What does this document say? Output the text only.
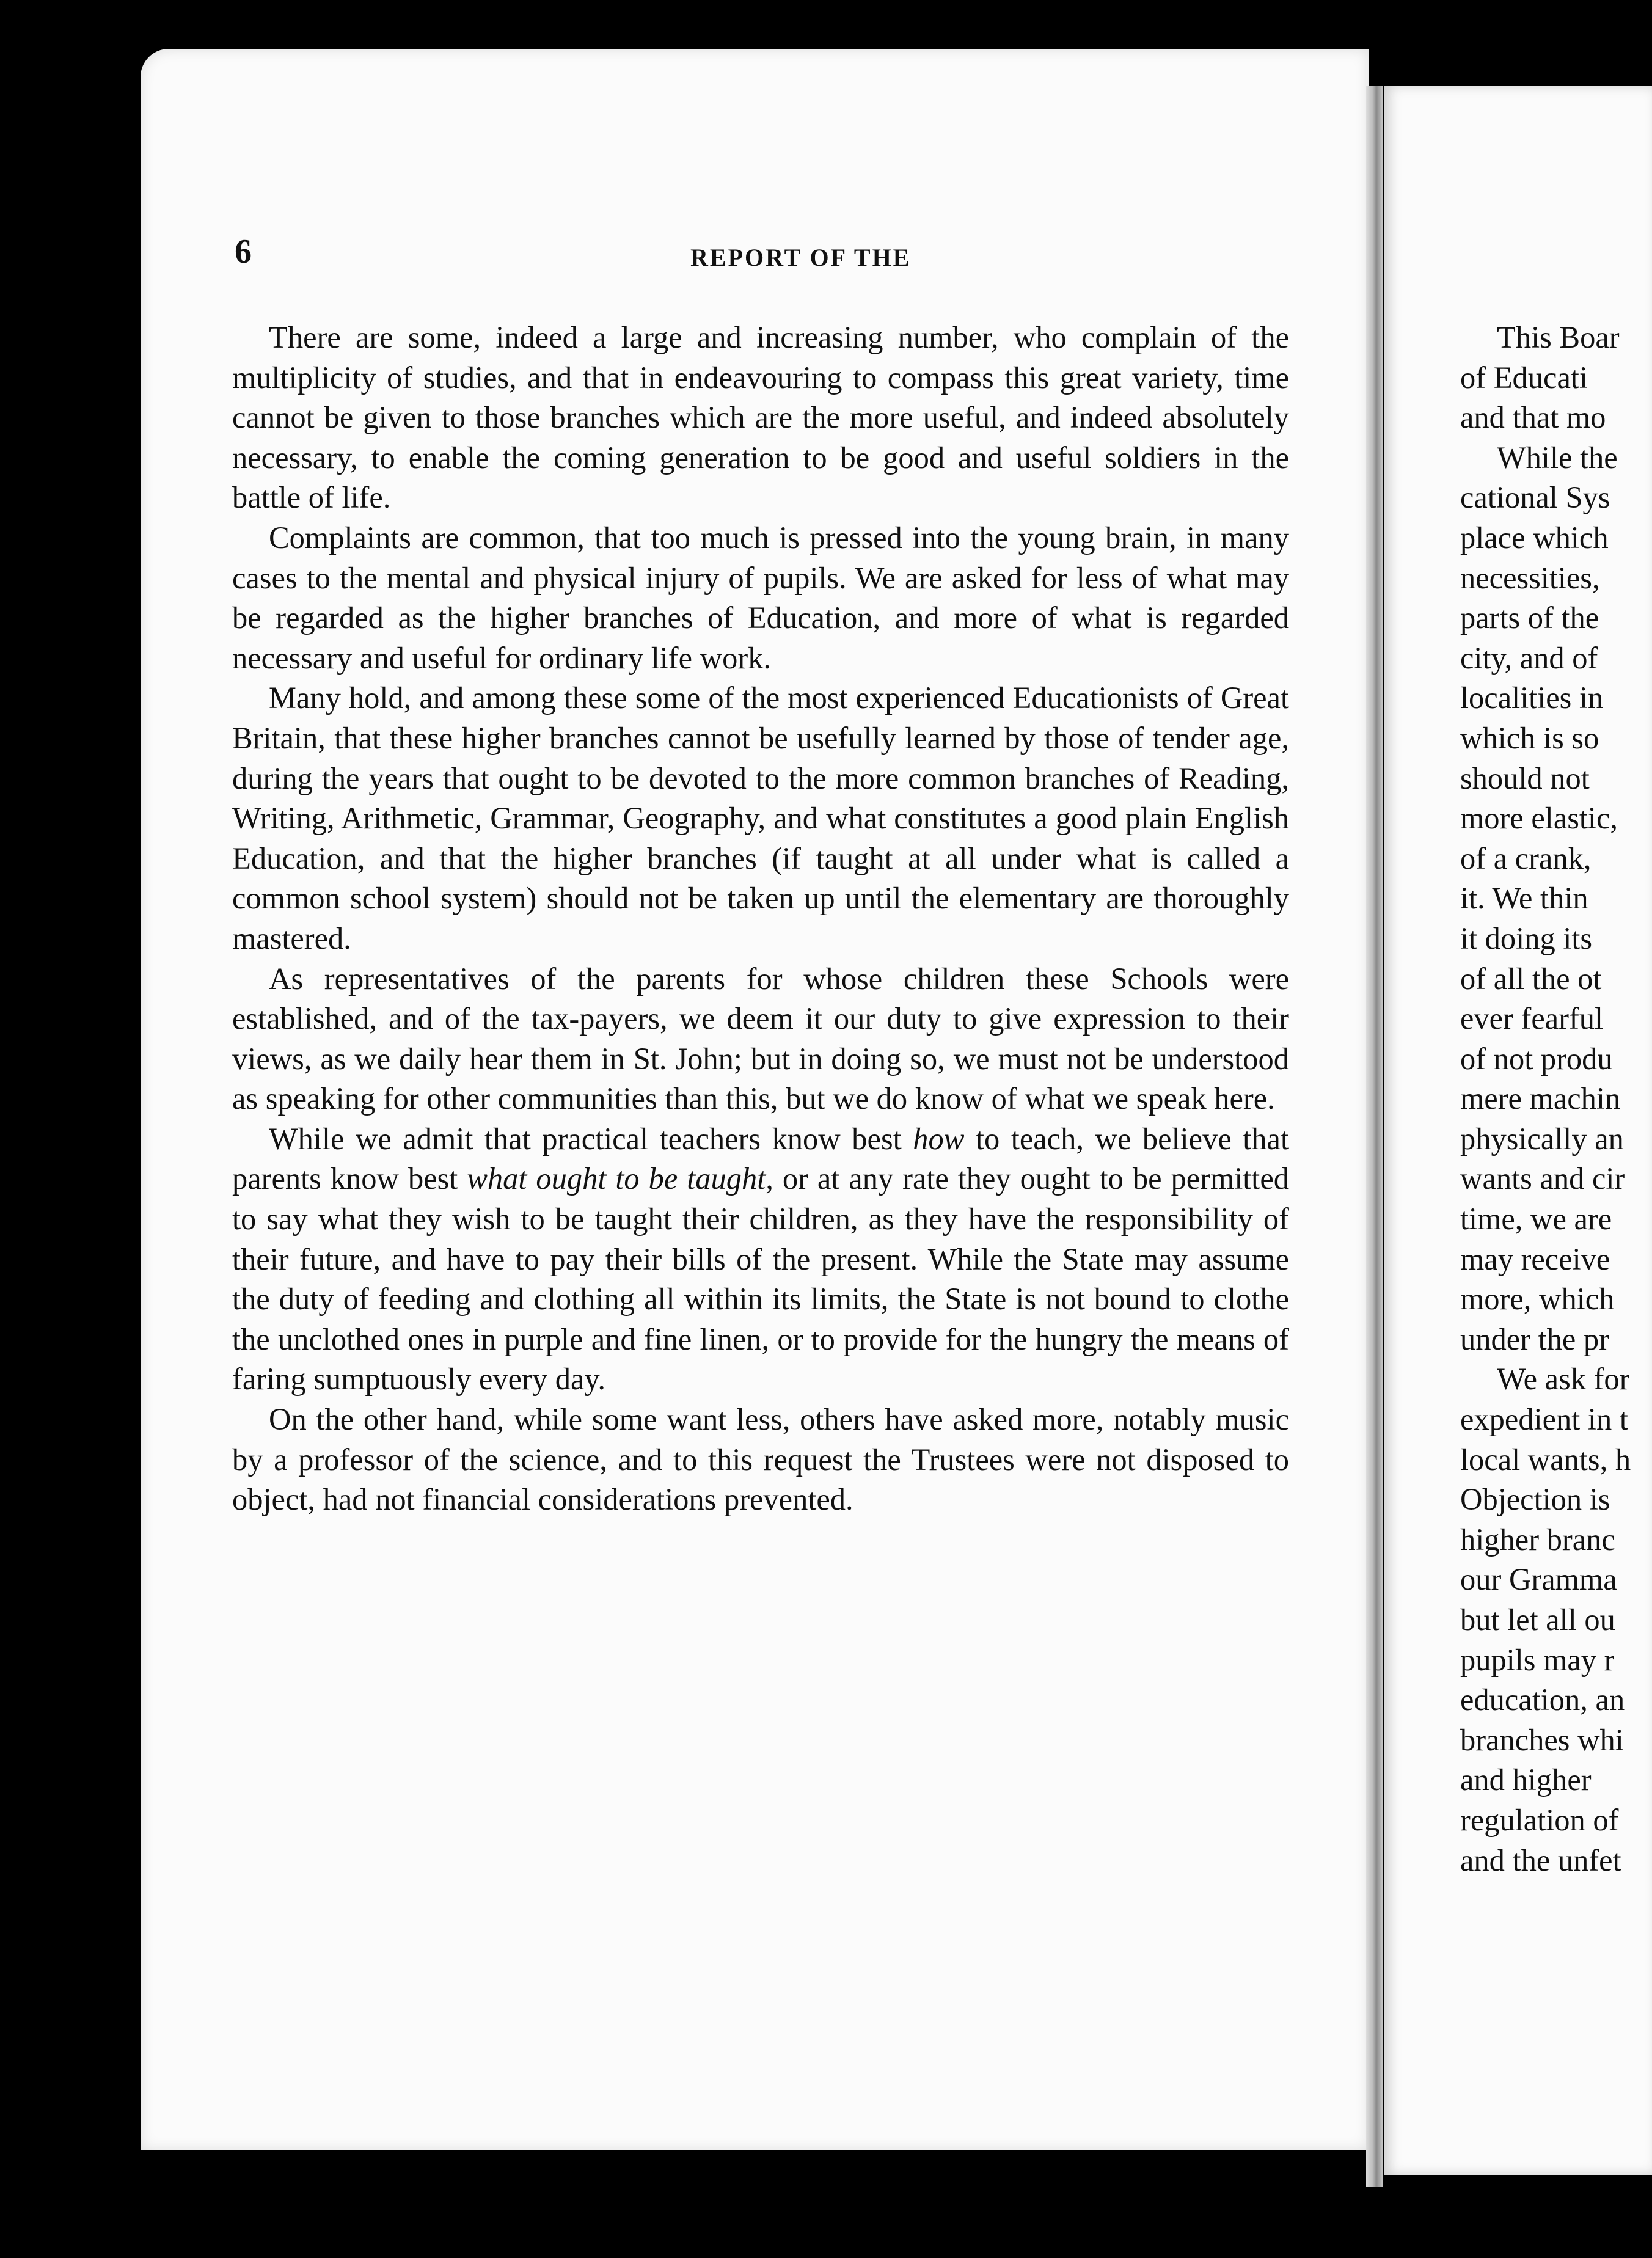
6	REPORT OF THE

There are some, indeed a large and increasing number, who complain of the multiplicity of studies, and that in endeavouring to compass this great variety, time cannot be given to those branches which are the more useful, and indeed absolutely necessary, to enable the coming generation to be good and useful soldiers in the battle of life.

Complaints are common, that too much is pressed into the young brain, in many cases to the mental and physical injury of pupils. We are asked for less of what may be regarded as the higher branches of Education, and more of what is regarded necessary and useful for ordinary life work.

Many hold, and among these some of the most experienced Educationists of Great Britain, that these higher branches cannot be usefully learned by those of tender age, during the years that ought to be devoted to the more common branches of Reading, Writing, Arithmetic, Grammar, Geography, and what constitutes a good plain English Education, and that the higher branches (if taught at all under what is called a common school system) should not be taken up until the elementary are thoroughly mastered.

As representatives of the parents for whose children these Schools were established, and of the tax-payers, we deem it our duty to give expression to their views, as we daily hear them in St. John; but in doing so, we must not be understood as speaking for other communities than this, but we do know of what we speak here.

While we admit that practical teachers know best how to teach, we believe that parents know best what ought to be taught, or at any rate they ought to be permitted to say what they wish to be taught their children, as they have the responsibility of their future, and have to pay their bills of the present. While the State may assume the duty of feeding and clothing all within its limits, the State is not bound to clothe the unclothed ones in purple and fine linen, or to provide for the hungry the means of faring sumptuously every day.

On the other hand, while some want less, others have asked more, notably music by a professor of the science, and to this request the Trustees were not disposed to object, had not financial considerations prevented.

This Boar
of Educati
and that mo
While the
cational Sys
place which
necessities,
parts of the
city, and of
localities in
which is so
should not
more elastic,
of a crank,
it. We thin
it doing its
of all the ot
ever fearful
of not produ
mere machin
physically an
wants and cir
time, we are
may receive
more, which
under the pr
We ask for
expedient in t
local wants, h
Objection is
higher branc
our Gramma
but let all ou
pupils may r
education, an
branches whi
and higher
regulation of
and the unfet
